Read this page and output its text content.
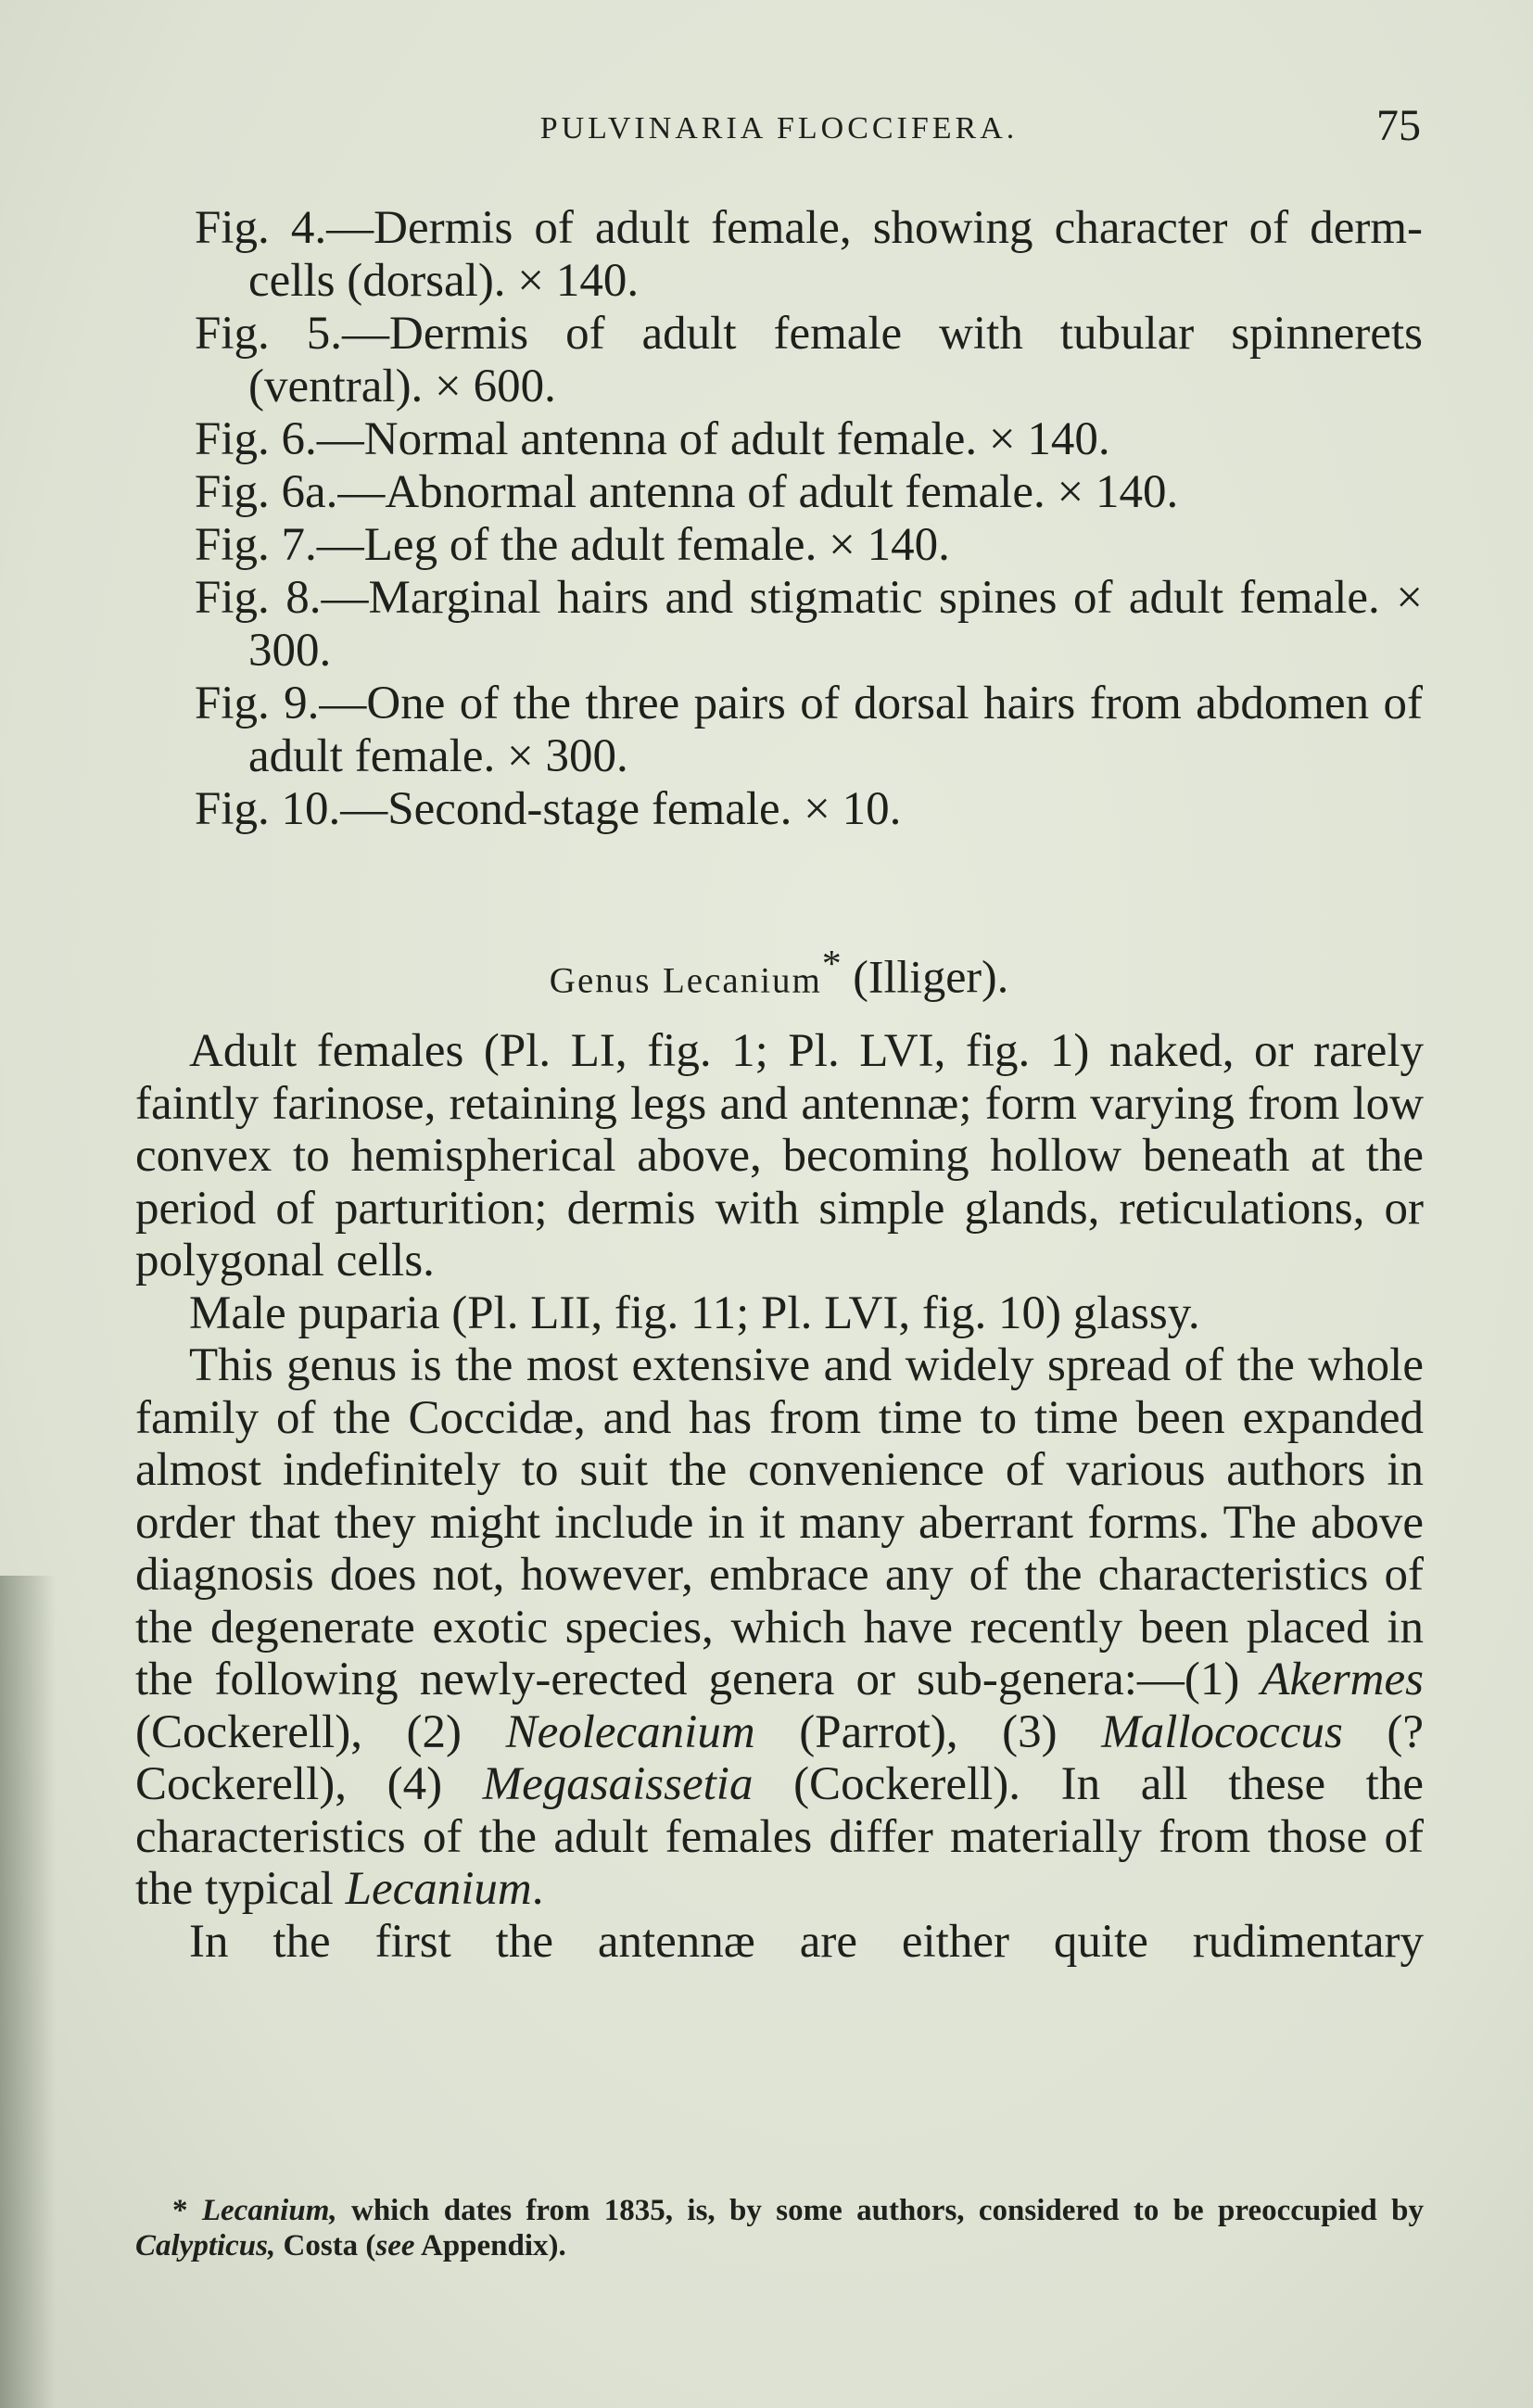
PULVINARIA FLOCCIFERA.	75
Fig. 4.—Dermis of adult female, showing character of derm-cells (dorsal). × 140.
Fig. 5.—Dermis of adult female with tubular spinnerets (ventral). × 600.
Fig. 6.—Normal antenna of adult female. × 140.
Fig. 6a.—Abnormal antenna of adult female. × 140.
Fig. 7.—Leg of the adult female. × 140.
Fig. 8.—Marginal hairs and stigmatic spines of adult female. × 300.
Fig. 9.—One of the three pairs of dorsal hairs from abdomen of adult female. × 300.
Fig. 10.—Second-stage female. × 10.
Genus Lecanium* (Illiger).

Adult females (Pl. LI, fig. 1; Pl. LVI, fig. 1) naked, or rarely faintly farinose, retaining legs and antennæ; form varying from low convex to hemispherical above, becoming hollow beneath at the period of parturition; dermis with simple glands, reticulations, or polygonal cells.

Male puparia (Pl. LII, fig. 11; Pl. LVI, fig. 10) glassy.

This genus is the most extensive and widely spread of the whole family of the Coccidæ, and has from time to time been expanded almost indefinitely to suit the convenience of various authors in order that they might include in it many aberrant forms. The above diagnosis does not, however, embrace any of the characteristics of the degenerate exotic species, which have recently been placed in the following newly-erected genera or sub-genera:—(1) Akermes (Cockerell), (2) Neolecanium (Parrot), (3) Mallococcus (? Cockerell), (4) Megasaissetia (Cockerell). In all these the characteristics of the adult females differ materially from those of the typical Lecanium.

In the first the antennæ are either quite rudimentary

* Lecanium, which dates from 1835, is, by some authors, considered to be preoccupied by Calypticus, Costa (see Appendix).
